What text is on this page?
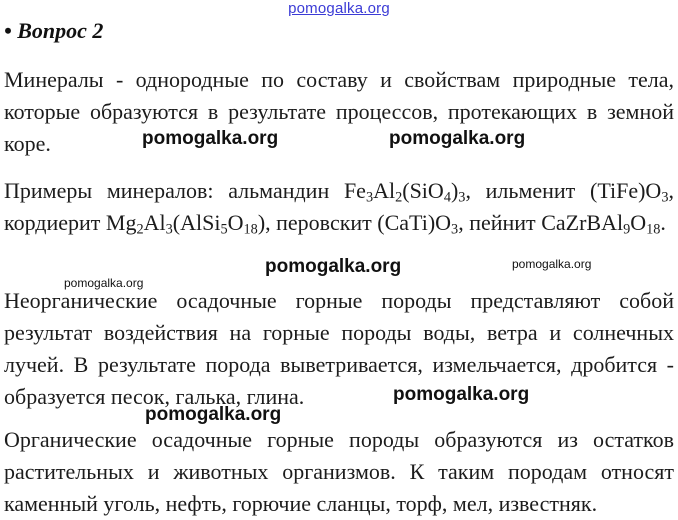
pomogalka.org
• Вопрос 2

Минералы - однородные по составу и свойствам природные тела, которые образуются в результате процессов, протекающих в земной коре.

Примеры минералов: альмандин $Fe_3Al_2(SiO_4)_3$, ильменит $(TiFe)O_3$, кордиерит $Mg_2Al_3(AlSi_5O_{18})$, перовскит $(CaTi)O_3$, пейнит $CaZrBAl_9O_{18}$.

Неорганические осадочные горные породы представляют собой результат воздействия на горные породы воды, ветра и солнечных лучей. В результате порода выветривается, измельчается, дробится - образуется песок, галька, глина.

Органические осадочные горные породы образуются из остатков растительных и животных организмов. К таким породам относят каменный уголь, нефть, горючие сланцы, торф, мел, известняк.

pomogalka.org	pomogalka.org
pomogalka.org
pomogalka.org
pomogalka.org
pomogalka.org
pomogalka.org
